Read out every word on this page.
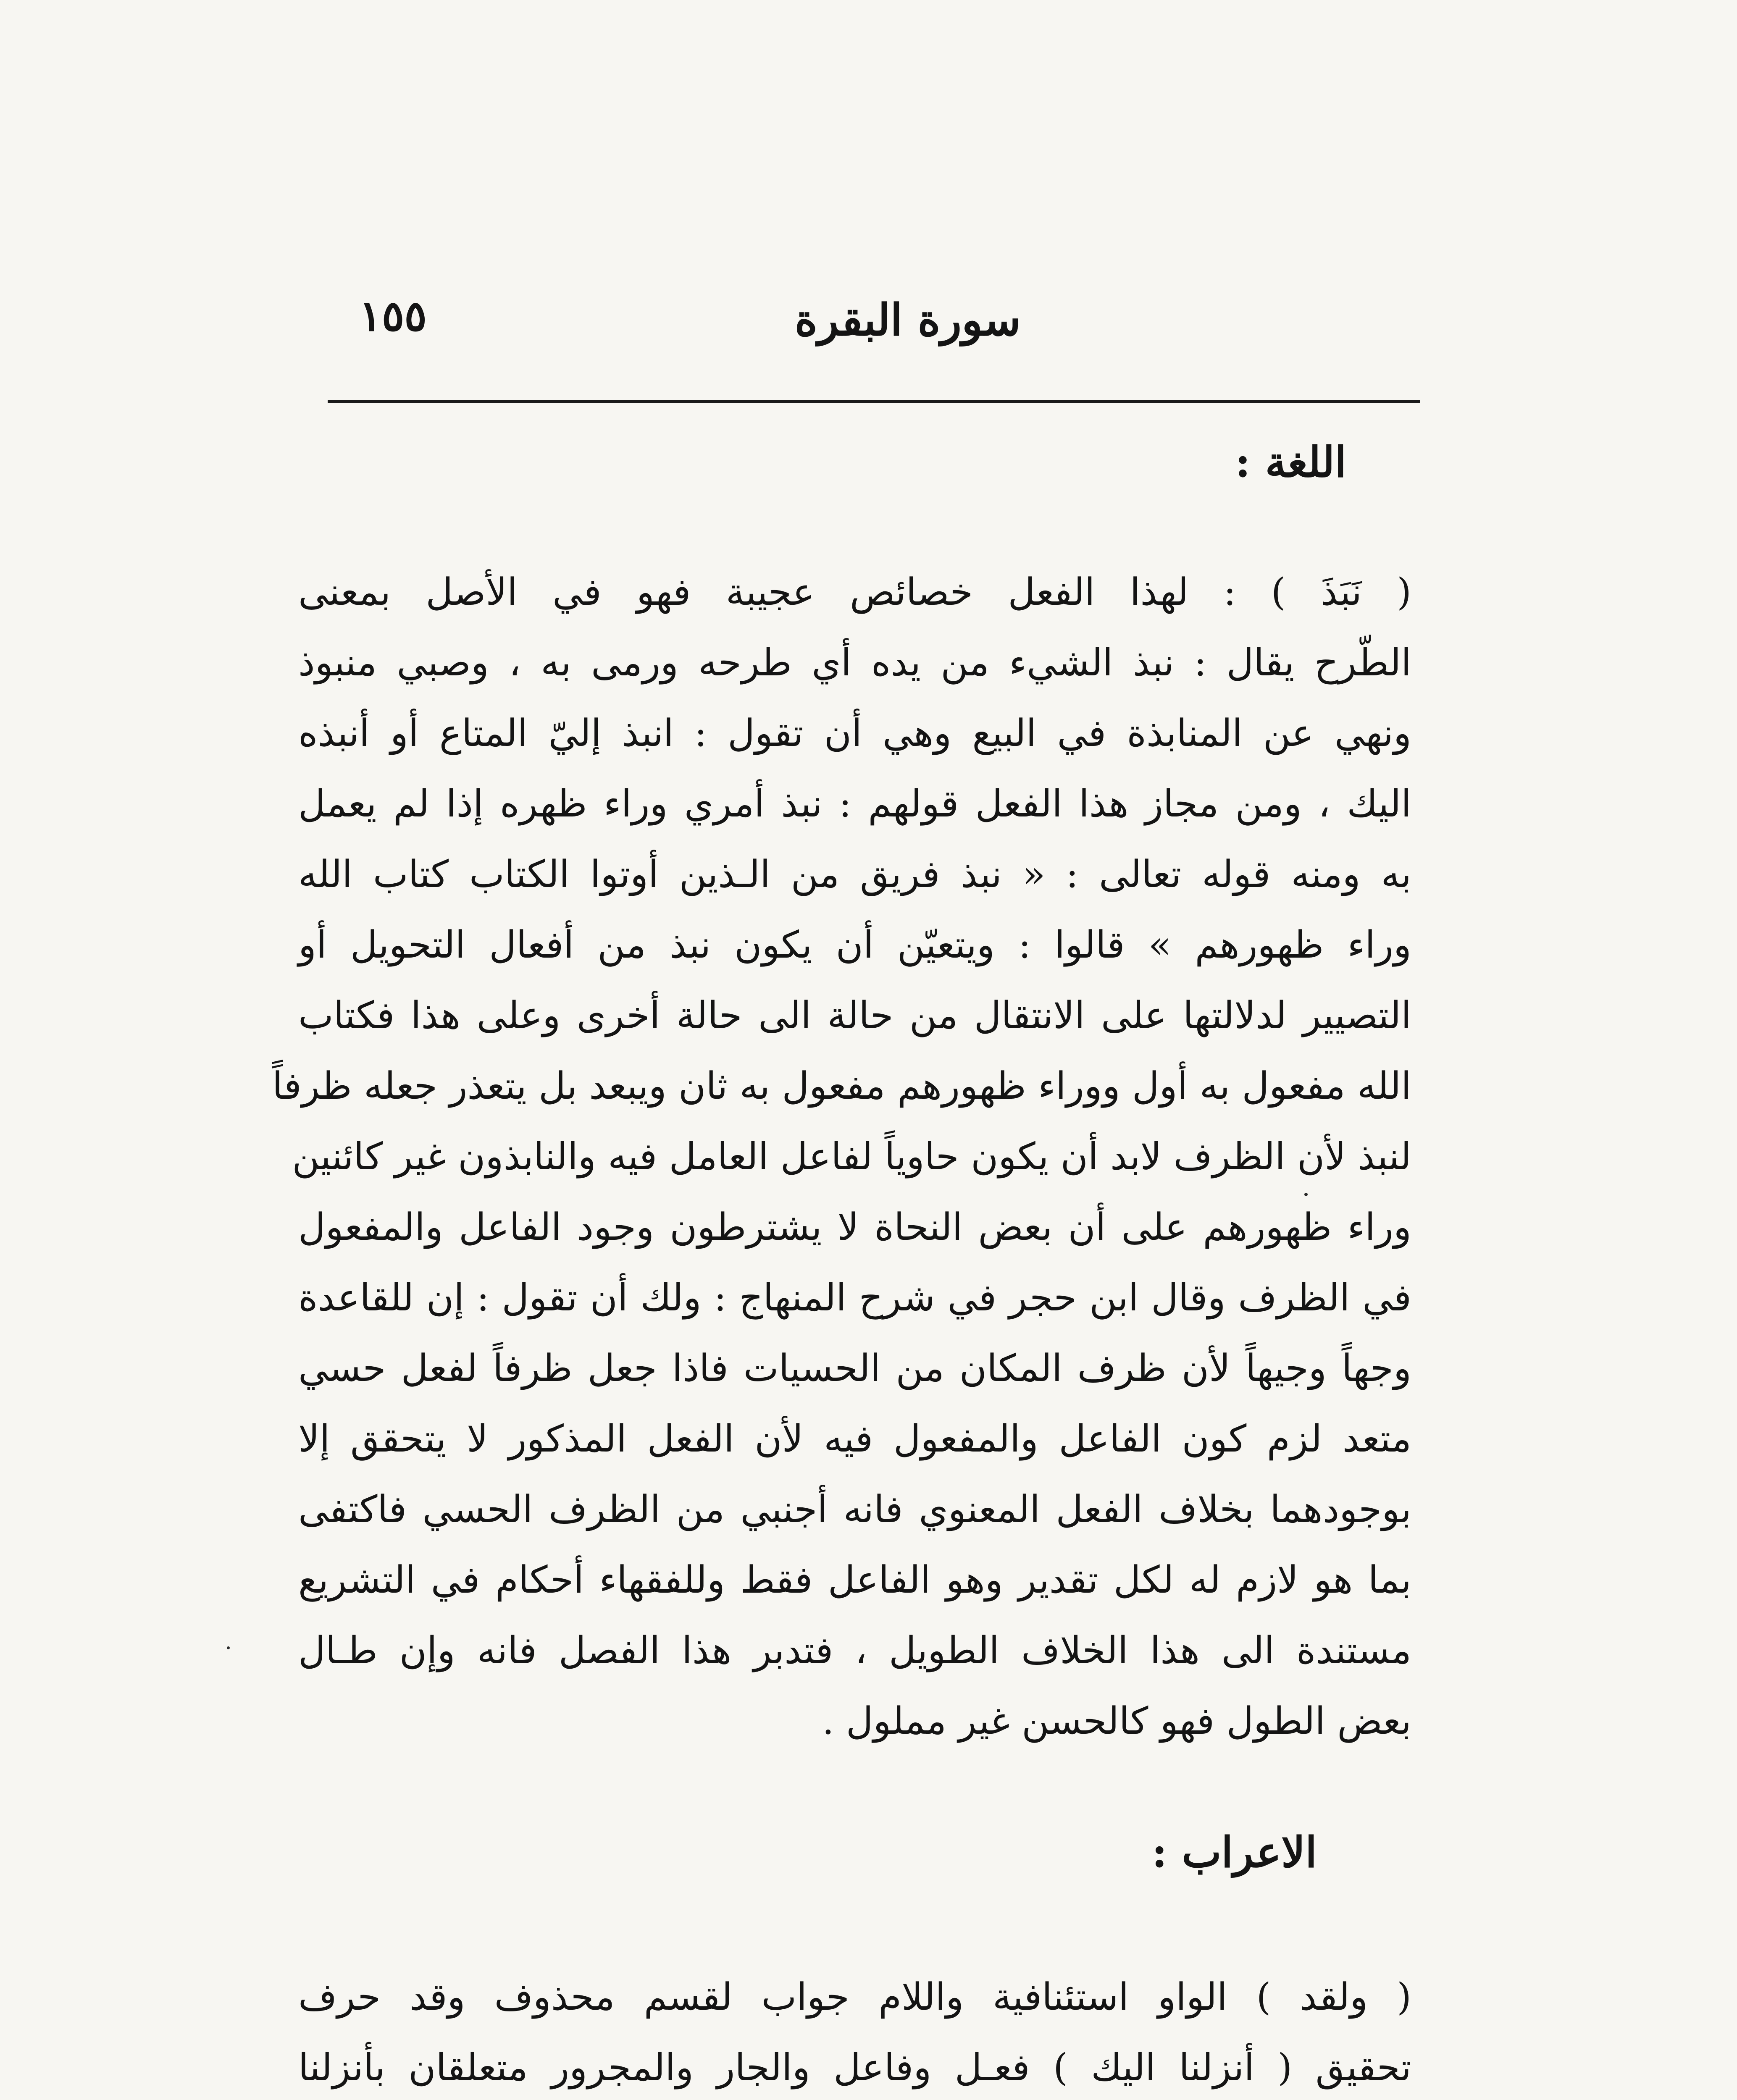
سورة البقرة
١٥٥
اللغة :
( نَبَذَ ) : لهذا الفعل خصائص عجيبة فهو في الأصل بمعنى
الطّرح يقال : نبذ الشيء من يده أي طرحه ورمى به ، وصبي منبوذ
ونهي عن المنابذة في البيع وهي أن تقول : انبذ إليّ المتاع أو أنبذه
اليك ، ومن مجاز هذا الفعل قولهم : نبذ أمري وراء ظهره إذا لم يعمل
به ومنه قوله تعالى : « نبذ فريق من الـذين أوتوا الكتاب كتاب الله
وراء ظهورهم » قالوا : ويتعيّن أن يكون نبذ من أفعال التحويل أو
التصيير لدلالتها على الانتقال من حالة الى حالة أخرى وعلى هذا فكتاب
الله مفعول به أول ووراء ظهورهم مفعول به ثان ويبعد بل يتعذر جعله ظرفاً
لنبذ لأن الظرف لابد أن يكون حاوياً لفاعل العامل فيه والنابذون غير كائنين
وراء ظهورهم على أن بعض النحاة لا يشترطون وجود الفاعل والمفعول
في الظرف وقال ابن حجر في شرح المنهاج : ولك أن تقول : إن للقاعدة
وجهاً وجيهاً لأن ظرف المكان من الحسيات فاذا جعل ظرفاً لفعل حسي
متعد لزم كون الفاعل والمفعول فيه لأن الفعل المذكور لا يتحقق إلا
بوجودهما بخلاف الفعل المعنوي فانه أجنبي من الظرف الحسي فاكتفى
بما هو لازم له لكل تقدير وهو الفاعل فقط وللفقهاء أحكام في التشريع
مستندة الى هذا الخلاف الطويل ، فتدبر هذا الفصل فانه وإن طـال
بعض الطول فهو كالحسن غير مملول .
الاعراب :
( ولقد ) الواو استئنافية واللام جواب لقسم محذوف وقد حرف
تحقيق ( أنزلنا اليك ) فعـل وفاعل والجار والمجرور متعلقان بأنزلنا
